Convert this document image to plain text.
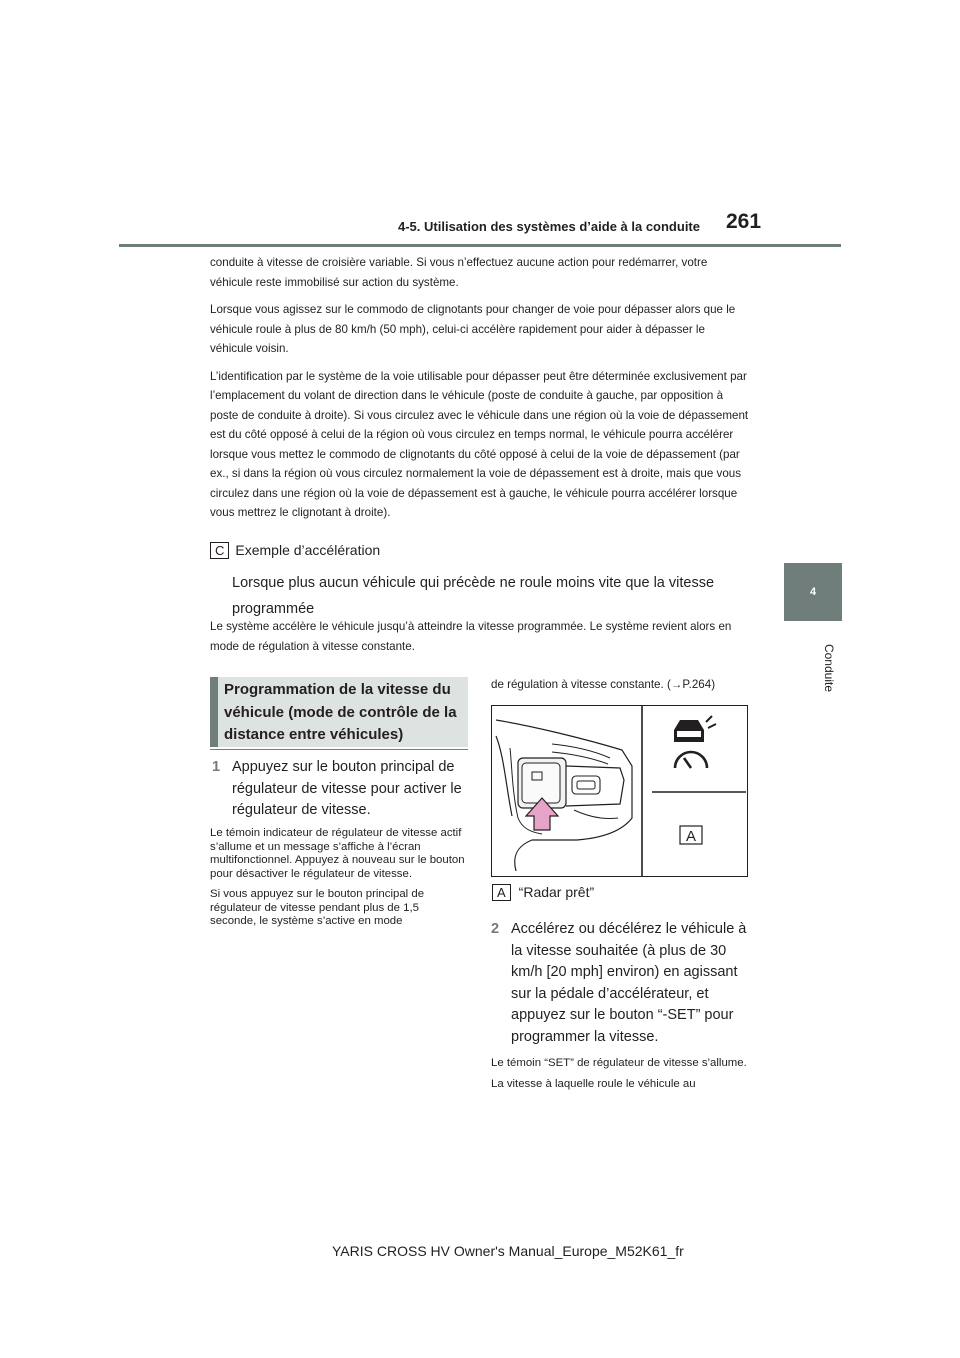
4-5. Utilisation des systèmes d’aide à la conduite 261
4
Conduite

conduite à vitesse de croisière variable. Si vous n’effectuez aucune action pour redémarrer, votre véhicule reste immobilisé sur action du système.

Lorsque vous agissez sur le commodo de clignotants pour changer de voie pour dépasser alors que le véhicule roule à plus de 80 km/h (50 mph), celui-ci accélère rapidement pour aider à dépasser le véhicule voisin.

L’identification par le système de la voie utilisable pour dépasser peut être déterminée exclusivement par l’emplacement du volant de direction dans le véhicule (poste de conduite à gauche, par opposition à poste de conduite à droite). Si vous circulez avec le véhicule dans une région où la voie de dépassement est du côté opposé à celui de la région où vous circulez en temps normal, le véhicule pourra accélérer lorsque vous mettez le commodo de clignotants du côté opposé à celui de la voie de dépassement (par ex., si dans la région où vous circulez normalement la voie de dépassement est à droite, mais que vous circulez dans une région où la voie de dépassement est à gauche, le véhicule pourra accélérer lorsque vous mettrez le clignotant à droite).

C Exemple d’accélération
Lorsque plus aucun véhicule qui précède ne roule moins vite que la vitesse programmée
Le système accélère le véhicule jusqu’à atteindre la vitesse programmée. Le système revient alors en mode de régulation à vitesse constante.
Programmation de la vitesse du véhicule (mode de contrôle de la distance entre véhicules)
1 Appuyez sur le bouton principal de régulateur de vitesse pour activer le régulateur de vitesse.

Le témoin indicateur de régulateur de vitesse actif s’allume et un message s’affiche à l’écran multifonctionnel. Appuyez à nouveau sur le bouton pour désactiver le régulateur de vitesse.

Si vous appuyez sur le bouton principal de régulateur de vitesse pendant plus de 1,5 seconde, le système s’active en mode

de régulation à vitesse constante. (→P.264)
A
A “Radar prêt”
2 Accélérez ou décélérez le véhicule à la vitesse souhaitée (à plus de 30 km/h [20 mph] environ) en agissant sur la pédale d’accélérateur, et appuyez sur le bouton “-SET” pour programmer la vitesse.

Le témoin “SET” de régulateur de vitesse s’allume.

La vitesse à laquelle roule le véhicule au

YARIS CROSS HV Owner's Manual_Europe_M52K61_fr
